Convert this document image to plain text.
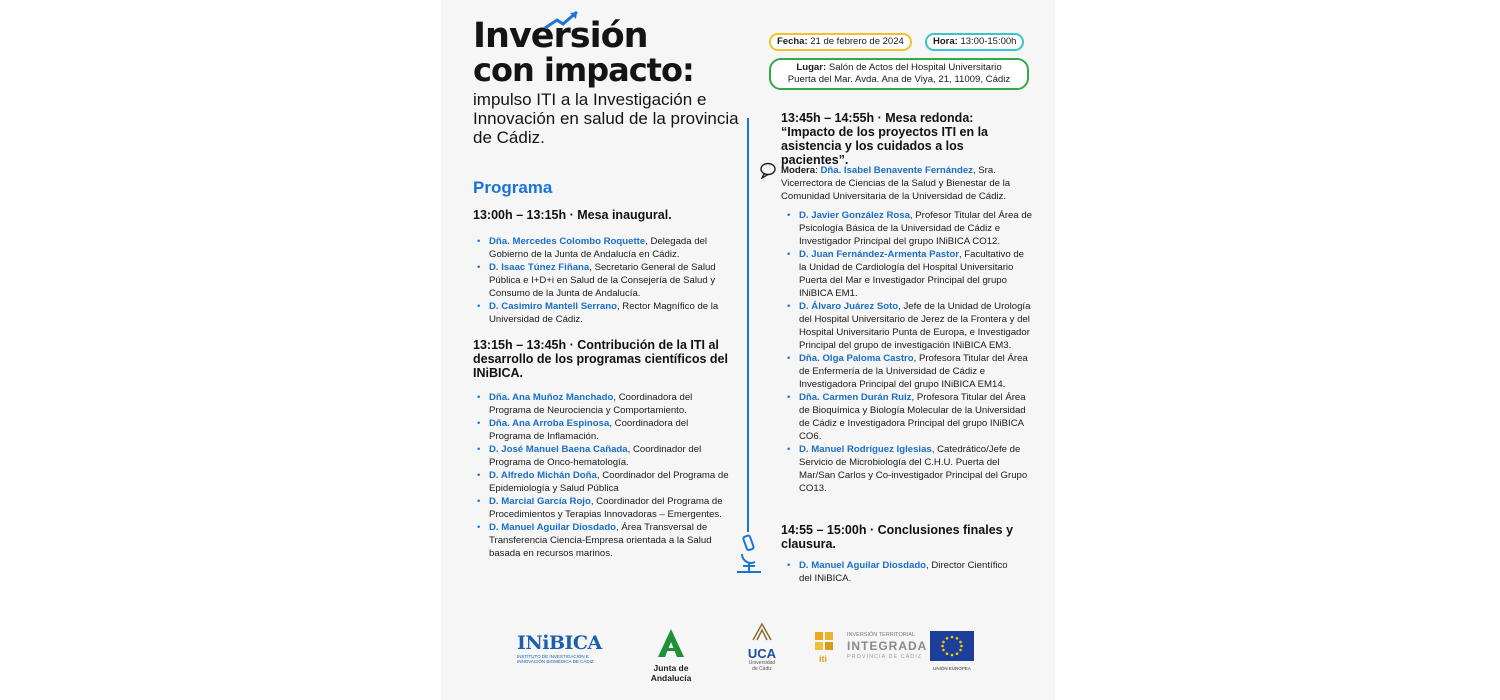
Inversión
con impacto:
impulso ITI a la Investigación e Innovación en salud de la provincia de Cádiz.
Programa
Fecha: 21 de febrero de 2024	Hora: 13:00-15:00h
Lugar: Salón de Actos del Hospital Universitario
Puerta del Mar. Avda. Ana de Viya, 21, 11009, Cádiz
13:00h – 13:15h · Mesa inaugural.
• Dña. Mercedes Colombo Roquette, Delegada del Gobierno de la Junta de Andalucía en Cádiz.
• D. Isaac Túnez Fiñana, Secretario General de Salud Pública e I+D+i en Salud de la Consejería de Salud y Consumo de la Junta de Andalucía.
• D. Casimiro Mantell Serrano, Rector Magnífico de la Universidad de Cádiz.
13:15h – 13:45h · Contribución de la ITI al desarrollo de los programas científicos del INiBICA.
• Dña. Ana Muñoz Manchado, Coordinadora del Programa de Neurociencia y Comportamiento.
• Dña. Ana Arroba Espinosa, Coordinadora del Programa de Inflamación.
• D. José Manuel Baena Cañada, Coordinador del Programa de Onco-hematología.
• D. Alfredo Michán Doña, Coordinador del Programa de Epidemiología y Salud Pública
• D. Marcial García Rojo, Coordinador del Programa de Procedimientos y Terapias Innovadoras – Emergentes.
• D. Manuel Aguilar Diosdado, Área Transversal de Transferencia Ciencia-Empresa orientada a la Salud basada en recursos marinos.
13:45h – 14:55h · Mesa redonda: “Impacto de los proyectos ITI en la asistencia y los cuidados a los pacientes”.
Modera: Dña. Isabel Benavente Fernández, Sra. Vicerrectora de Ciencias de la Salud y Bienestar de la Comunidad Universitaria de la Universidad de Cádiz.
• D. Javier González Rosa, Profesor Titular del Área de Psicología Básica de la Universidad de Cádiz e Investigador Principal del grupo INiBICA CO12.
• D. Juan Fernández-Armenta Pastor, Facultativo de la Unidad de Cardiología del Hospital Universitario Puerta del Mar e Investigador Principal del grupo INiBICA EM1.
• D. Álvaro Juárez Soto, Jefe de la Unidad de Urología del Hospital Universitario de Jerez de la Frontera y del Hospital Universitario Punta de Europa, e Investigador Principal del grupo de investigación INiBICA EM3.
• Dña. Olga Paloma Castro, Profesora Titular del Área de Enfermería de la Universidad de Cádiz e Investigadora Principal del grupo INiBICA EM14.
• Dña. Carmen Durán Ruiz, Profesora Titular del Área de Bioquímica y Biología Molecular de la Universidad de Cádiz e Investigadora Principal del grupo INiBICA CO6.
• D. Manuel Rodríguez Iglesias, Catedrático/Jefe de Servicio de Microbiología del C.H.U. Puerta del Mar/San Carlos y Co-investigador Principal del Grupo CO13.
14:55 – 15:00h · Conclusiones finales y clausura.
• D. Manuel Aguilar Diosdado, Director Científico del INiBICA.
INiBICA
INSTITUTO DE INVESTIGACIÓN E
INNOVACIÓN BIOMÉDICA DE CÁDIZ
Junta de Andalucía
UCA
Universidad
de Cádiz
iti
INVERSIÓN TERRITORIAL
INTEGRADA
PROVINCIA DE CÁDIZ
UNIÓN EUROPEA
